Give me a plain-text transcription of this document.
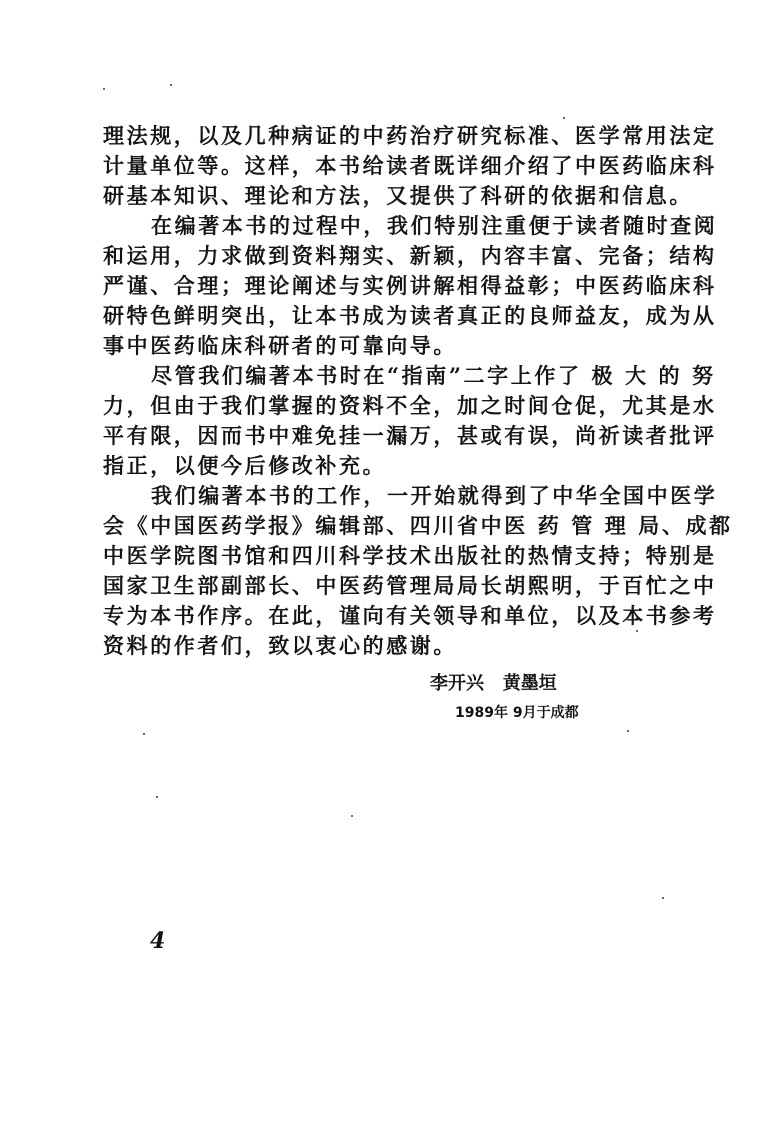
理法规，以及几种病证的中药治疗研究标准、医学常用法定
计量单位等。这样，本书给读者既详细介绍了中医药临床科
研基本知识、理论和方法，又提供了科研的依据和信息。
在编著本书的过程中，我们特别注重便于读者随时查阅
和运用，力求做到资料翔实、新颖，内容丰富、完备；结构
严谨、合理；理论阐述与实例讲解相得益彰；中医药临床科
研特色鲜明突出，让本书成为读者真正的良师益友，成为从
事中医药临床科研者的可靠向导。
尽管我们编著本书时在“指南”二字上作了 极 大 的 努
力，但由于我们掌握的资料不全，加之时间仓促，尤其是水
平有限，因而书中难免挂一漏万，甚或有误，尚祈读者批评
指正，以便今后修改补充。
我们编著本书的工作，一开始就得到了中华全国中医学
会《中国医药学报》编辑部、四川省中医 药 管 理 局、成都
中医学院图书馆和四川科学技术出版社的热情支持；特别是
国家卫生部副部长、中医药管理局局长胡熙明，于百忙之中
专为本书作序。在此，谨向有关领导和单位，以及本书参考
资料的作者们，致以衷心的感谢。
李开兴   黄墨垣
1989年 9月于成都
4
